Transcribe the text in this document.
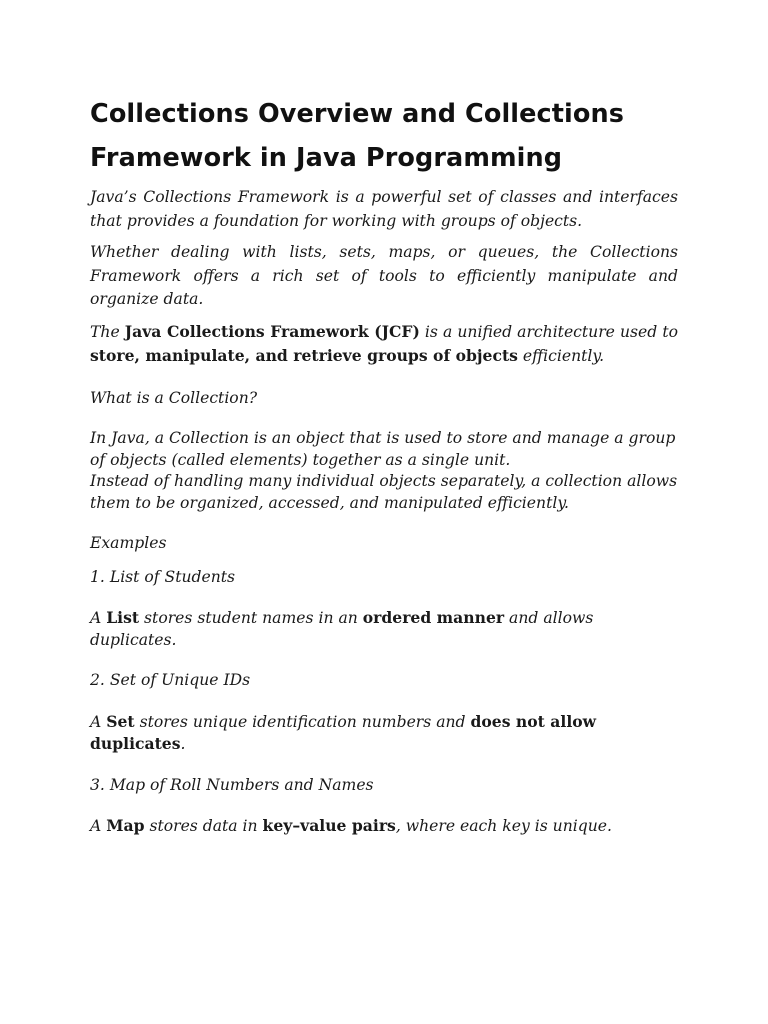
Collections Overview and Collections Framework in Java Programming

Java’s Collections Framework is a powerful set of classes and interfaces that provides a foundation for working with groups of objects.

Whether dealing with lists, sets, maps, or queues, the Collections Framework offers a rich set of tools to efficiently manipulate and organize data.

The Java Collections Framework (JCF) is a unified architecture used to store, manipulate, and retrieve groups of objects efficiently.

What is a Collection?

In Java, a Collection is an object that is used to store and manage a group of objects (called elements) together as a single unit.

Instead of handling many individual objects separately, a collection allows them to be organized, accessed, and manipulated efficiently.

Examples

1. List of Students

A List stores student names in an ordered manner and allows duplicates.

2. Set of Unique IDs

A Set stores unique identification numbers and does not allow duplicates.

3. Map of Roll Numbers and Names

A Map stores data in key–value pairs, where each key is unique.
